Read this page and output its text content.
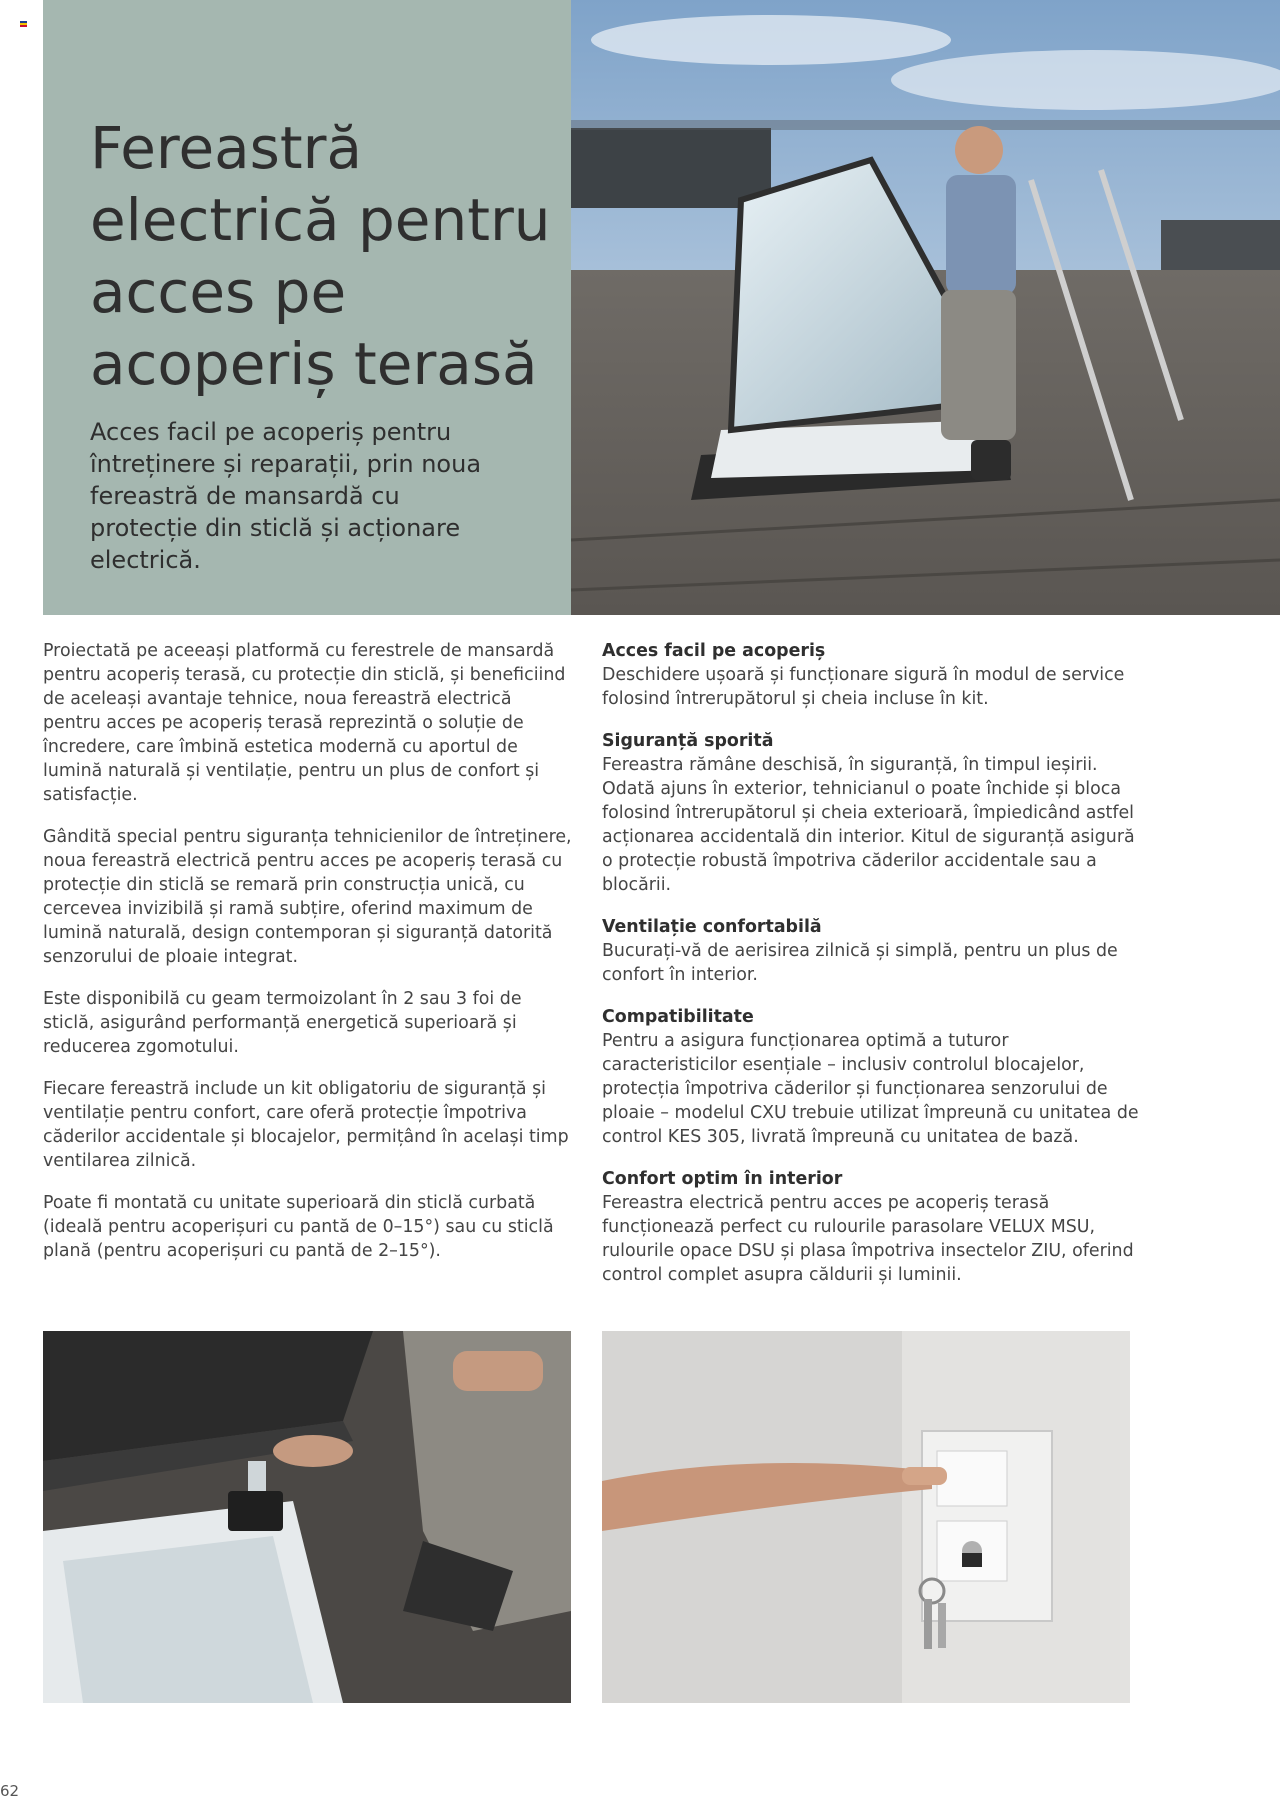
Fereastră electrică pentru acces pe acoperiș terasă

Acces facil pe acoperiș pentru întreținere și reparații, prin noua fereastră de mansardă cu protecție din sticlă și acționare electrică.

Proiectată pe aceeași platformă cu ferestrele de mansardă pentru acoperiș terasă, cu protecție din sticlă, și beneficiind de aceleași avantaje tehnice, noua fereastră electrică pentru acces pe acoperiș terasă reprezintă o soluție de încredere, care îmbină estetica modernă cu aportul de lumină naturală și ventilație, pentru un plus de confort și satisfacție.

Gândită special pentru siguranța tehnicienilor de întreținere, noua fereastră electrică pentru acces pe acoperiș terasă cu protecție din sticlă se remară prin construcția unică, cu cercevea invizibilă și ramă subțire, oferind maximum de lumină naturală, design contemporan și siguranță datorită senzorului de ploaie integrat.

Este disponibilă cu geam termoizolant în 2 sau 3 foi de sticlă, asigurând performanță energetică superioară și reducerea zgomotului.

Fiecare fereastră include un kit obligatoriu de siguranță și ventilație pentru confort, care oferă protecție împotriva căderilor accidentale și blocajelor, permițând în același timp ventilarea zilnică.

Poate fi montată cu unitate superioară din sticlă curbată (ideală pentru acoperișuri cu pantă de 0–15°) sau cu sticlă plană (pentru acoperișuri cu pantă de 2–15°).

Acces facil pe acoperiș
Deschidere ușoară și funcționare sigură în modul de service folosind întrerupătorul și cheia incluse în kit.
Siguranță sporită
Fereastra rămâne deschisă, în siguranță, în timpul ieșirii. Odată ajuns în exterior, tehnicianul o poate închide și bloca folosind întrerupătorul și cheia exterioară, împiedicând astfel acționarea accidentală din interior. Kitul de siguranță asigură o protecție robustă împotriva căderilor accidentale sau a blocării.
Ventilație confortabilă
Bucurați-vă de aerisirea zilnică și simplă, pentru un plus de confort în interior.
Compatibilitate
Pentru a asigura funcționarea optimă a tuturor caracteristicilor esențiale – inclusiv controlul blocajelor, protecția împotriva căderilor și funcționarea senzorului de ploaie – modelul CXU trebuie utilizat împreună cu unitatea de control KES 305, livrată împreună cu unitatea de bază.
Confort optim în interior
Fereastra electrică pentru acces pe acoperiș terasă funcționează perfect cu rulourile parasolare VELUX MSU, rulourile opace DSU și plasa împotriva insectelor ZIU, oferind control complet asupra căldurii și luminii.
62
